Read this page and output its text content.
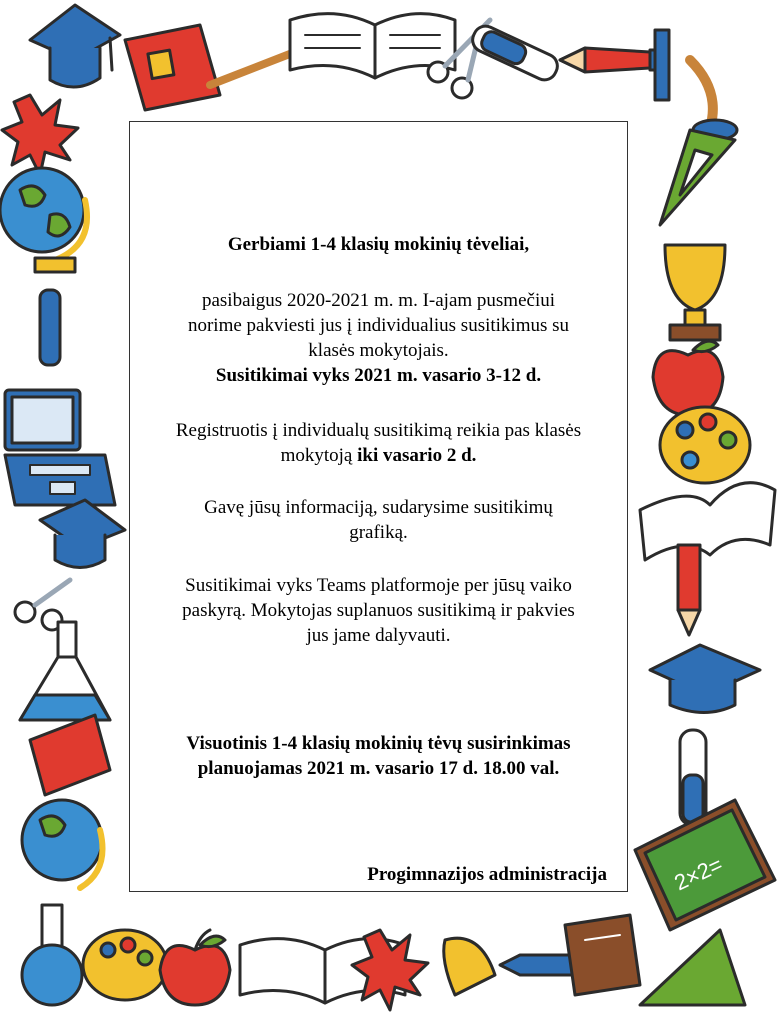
2×2=

Gerbiami 1-4 klasių mokinių tėveliai,

pasibaigus 2020-2021 m. m. I-ajam pusmečiui
norime pakviesti jus į individualius susitikimus su
klasės mokytojais.
Susitikimai vyks 2021 m. vasario 3-12 d.

Registruotis į individualų susitikimą reikia pas klasės
mokytoją iki vasario 2 d.

Gavę jūsų informaciją, sudarysime susitikimų
grafiką.

Susitikimai vyks Teams platformoje per jūsų vaiko
paskyrą. Mokytojas suplanuos susitikimą ir pakvies
jus jame dalyvauti.

Visuotinis 1-4 klasių mokinių tėvų susirinkimas
planuojamas 2021 m. vasario 17 d. 18.00 val.

Progimnazijos administracija
